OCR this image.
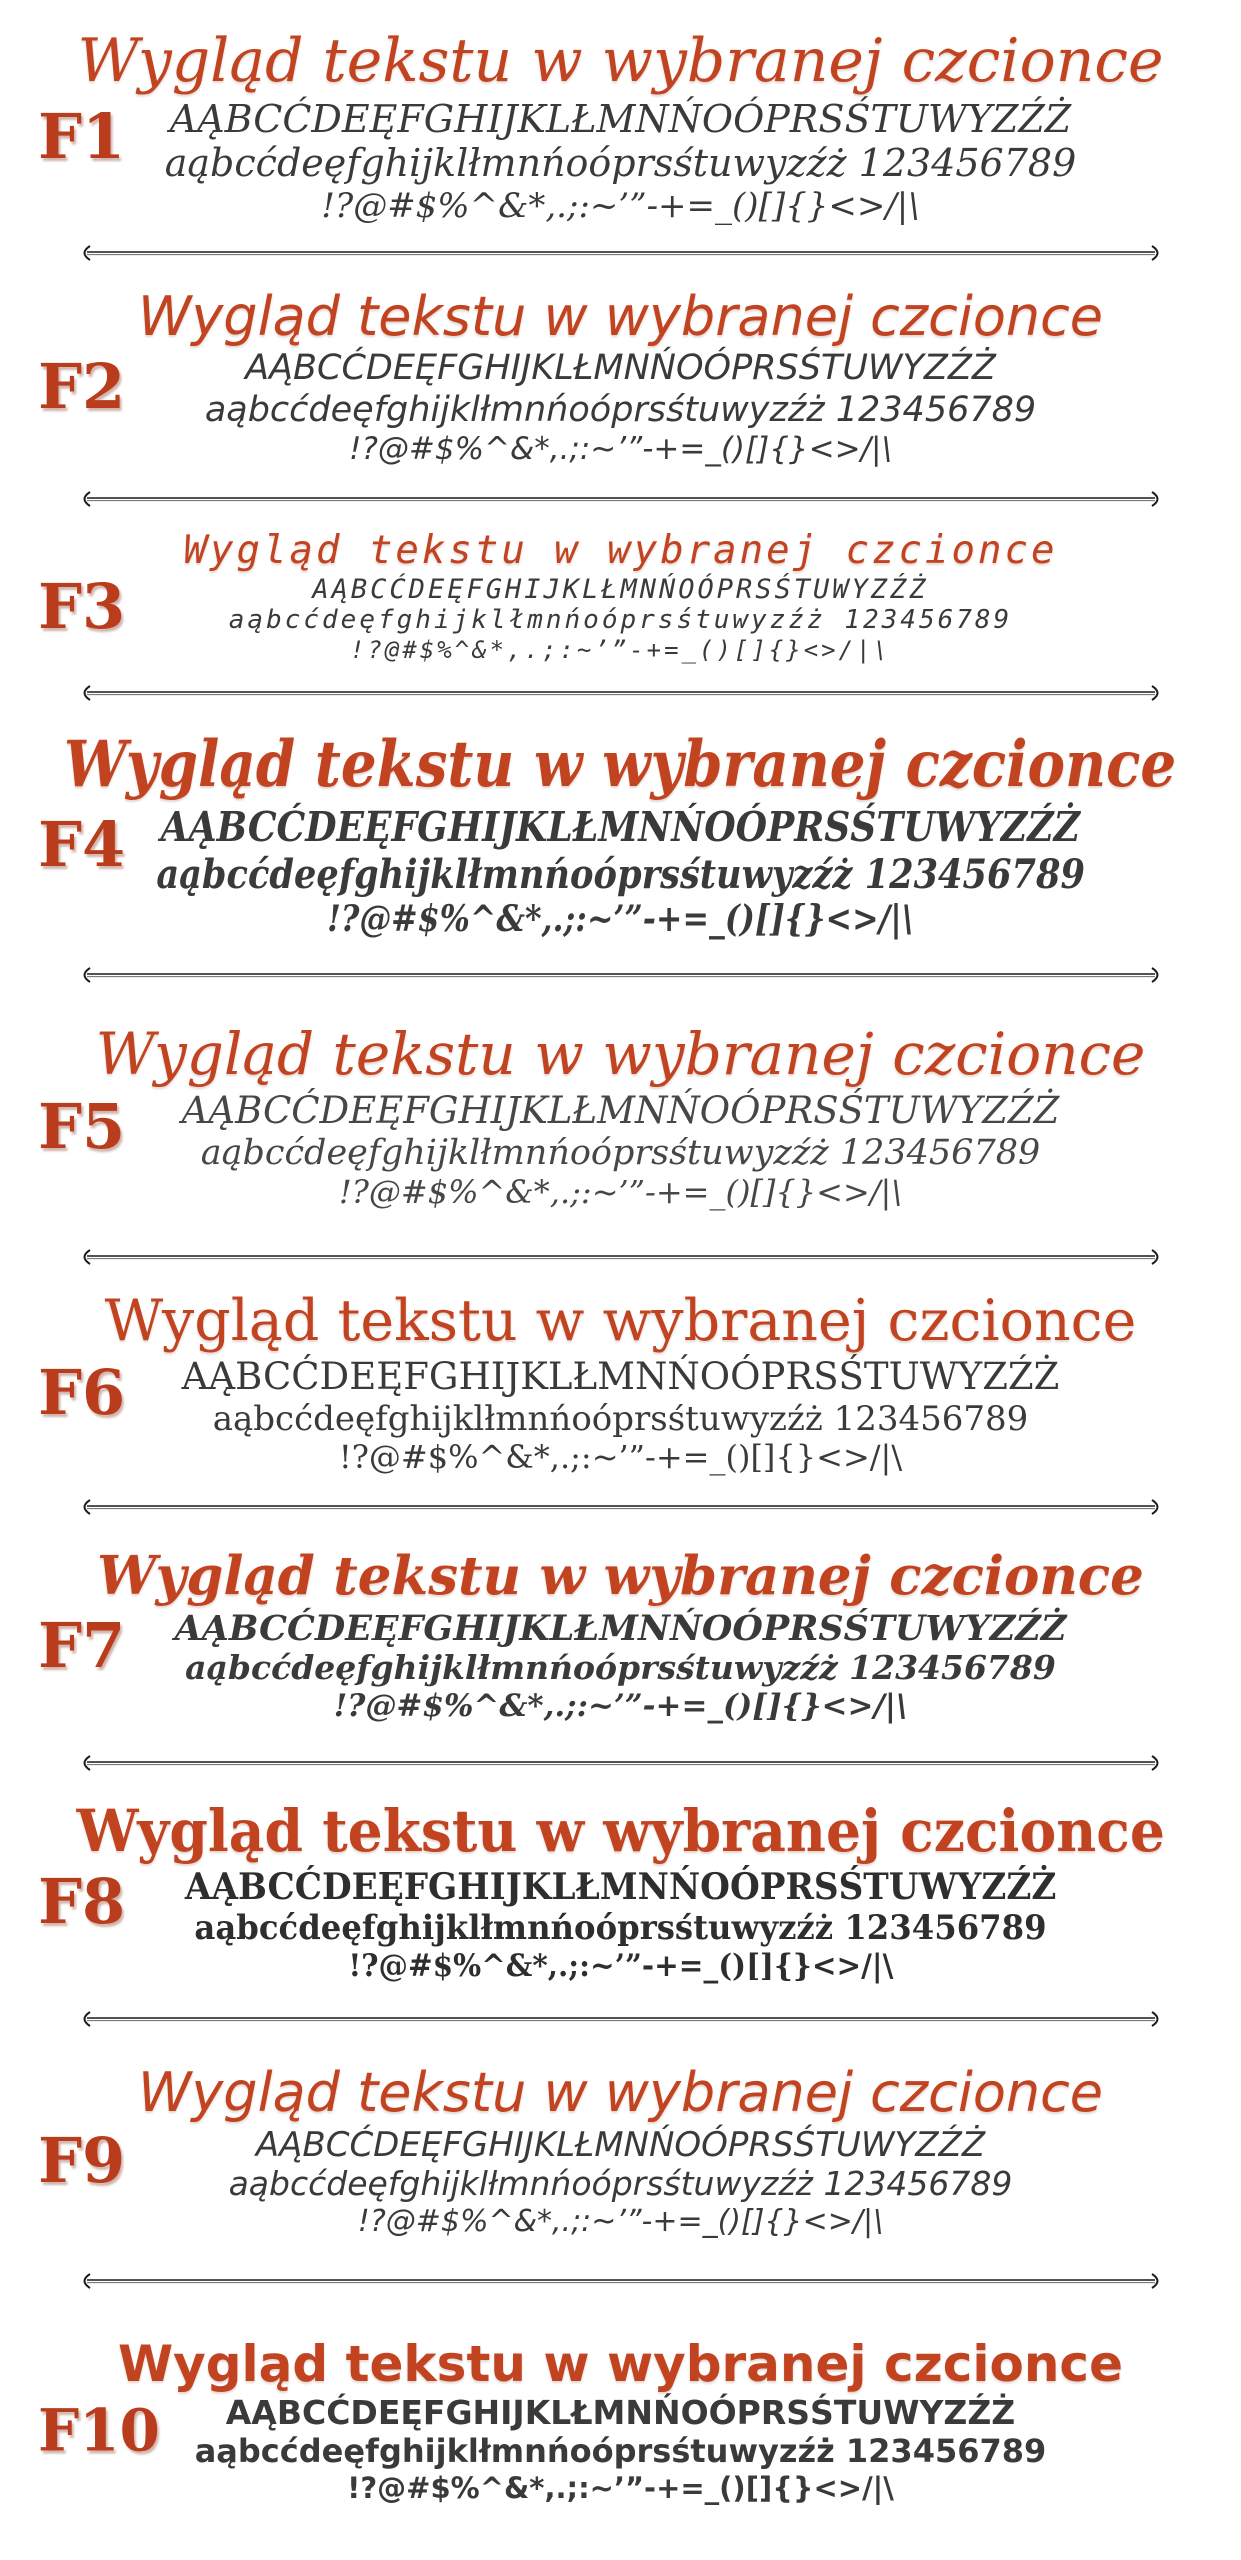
F1
Wygląd tekstu w wybranej czcionce
AĄBCĆDEĘFGHIJKLŁMNŃOÓPRSŚTUWYZŹŻ
aąbcćdeęfghijklłmnńoóprsśtuwyzźż 123456789
!?@#$%^&*,.;:~’”-+=_()[]{}<>/|\
F2
Wygląd tekstu w wybranej czcionce
AĄBCĆDEĘFGHIJKLŁMNŃOÓPRSŚTUWYZŹŻ
aąbcćdeęfghijklłmnńoóprsśtuwyzźż 123456789
!?@#$%^&*,.;:~’”-+=_()[]{}<>/|\
F3
Wygląd tekstu w wybranej czcionce
AĄBCĆDEĘFGHIJKLŁMNŃOÓPRSŚTUWYZŹŻ
aąbcćdeęfghijklłmnńoóprsśtuwyzźż 123456789
!?@#$%^&*,.;:~’”-+=_()[]{}<>/|\
F4
Wygląd tekstu w wybranej czcionce
AĄBCĆDEĘFGHIJKLŁMNŃOÓPRSŚTUWYZŹŻ
aąbcćdeęfghijklłmnńoóprsśtuwyzźż 123456789
!?@#$%^&*,.;:~’”-+=_()[]{}<>/|\
F5
Wygląd tekstu w wybranej czcionce
AĄBCĆDEĘFGHIJKLŁMNŃOÓPRSŚTUWYZŹŻ
aąbcćdeęfghijklłmnńoóprsśtuwyzźż 123456789
!?@#$%^&*,.;:~’”-+=_()[]{}<>/|\
F6
Wygląd tekstu w wybranej czcionce
AĄBCĆDEĘFGHIJKLŁMNŃOÓPRSŚTUWYZŹŻ
aąbcćdeęfghijklłmnńoóprsśtuwyzźż 123456789
!?@#$%^&*,.;:~’”-+=_()[]{}<>/|\
F7
Wygląd tekstu w wybranej czcionce
AĄBCĆDEĘFGHIJKLŁMNŃOÓPRSŚTUWYZŹŻ
aąbcćdeęfghijklłmnńoóprsśtuwyzźż 123456789
!?@#$%^&*,.;:~’”-+=_()[]{}<>/|\
F8
Wygląd tekstu w wybranej czcionce
AĄBCĆDEĘFGHIJKLŁMNŃOÓPRSŚTUWYZŹŻ
aąbcćdeęfghijklłmnńoóprsśtuwyzźż 123456789
!?@#$%^&*,.;:~’”-+=_()[]{}<>/|\
F9
Wygląd tekstu w wybranej czcionce
AĄBCĆDEĘFGHIJKLŁMNŃOÓPRSŚTUWYZŹŻ
aąbcćdeęfghijklłmnńoóprsśtuwyzźż 123456789
!?@#$%^&*,.;:~’”-+=_()[]{}<>/|\
F10
Wygląd tekstu w wybranej czcionce
AĄBCĆDEĘFGHIJKLŁMNŃOÓPRSŚTUWYZŹŻ
aąbcćdeęfghijklłmnńoóprsśtuwyzźż 123456789
!?@#$%^&*,.;:~’”-+=_()[]{}<>/|\
